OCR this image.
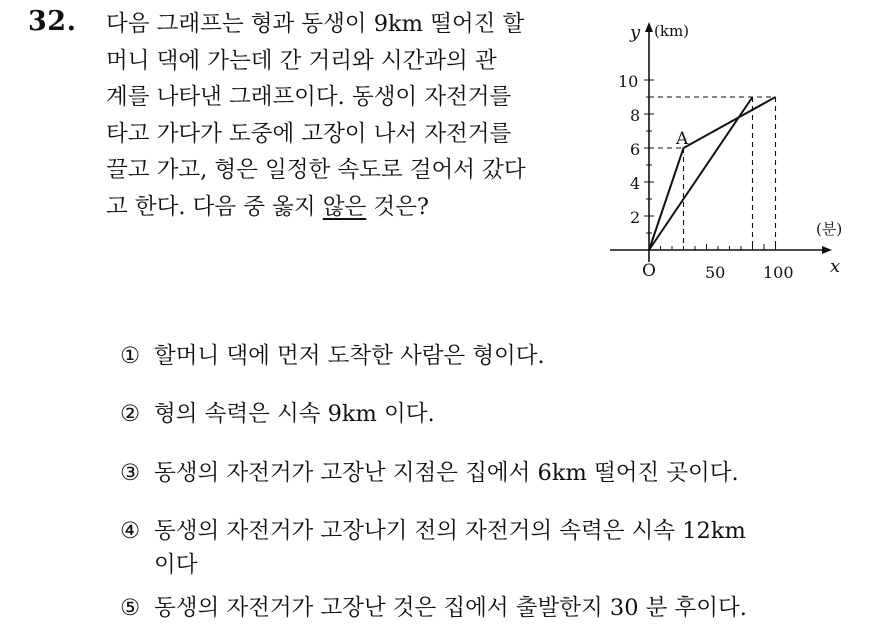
32. 다음 그래프는 형과 동생이 9km 떨어진 할
머니 댁에 가는데 간 거리와 시간과의 관
계를 나타낸 그래프이다. 동생이 자전거를
타고 가다가 도중에 고장이 나서 자전거를
끌고 가고, 형은 일정한 속도로 걸어서 갔다
고 한다. 다음 중 옳지 않은 것은?
y (km)
(분)
x
O
A
2
4
6
8
10
50 100
① 할머니 댁에 먼저 도착한 사람은 형이다.
② 형의 속력은 시속 9km 이다.
③ 동생의 자전거가 고장난 지점은 집에서 6km 떨어진 곳이다.
④ 동생의 자전거가 고장나기 전의 자전거의 속력은 시속 12km
이다
⑤ 동생의 자전거가 고장난 것은 집에서 출발한지 30 분 후이다.
